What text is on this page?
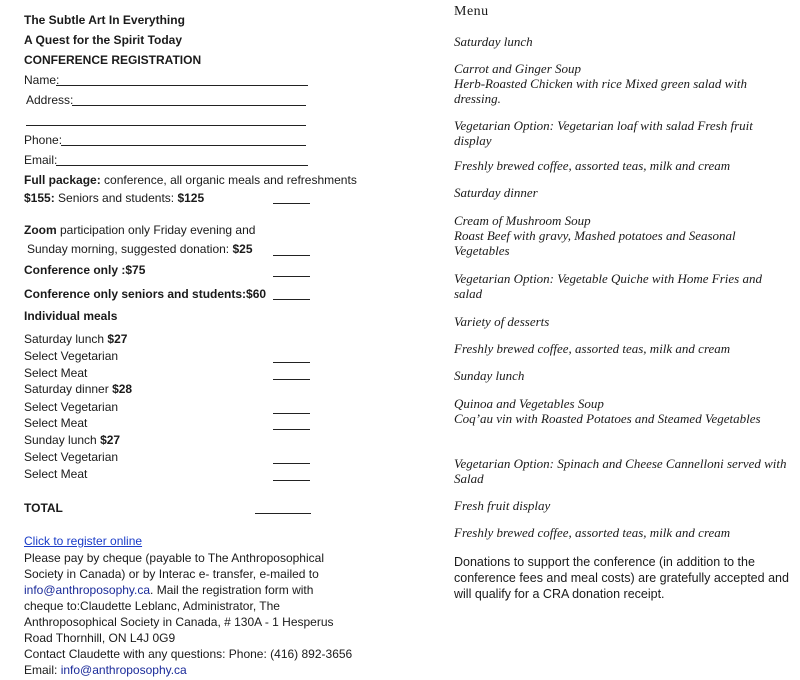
The Subtle Art In Everything
A Quest for the Spirit Today
CONFERENCE REGISTRATION
Name:
Address:
Phone:
Email:
Full package: conference, all organic meals and refreshments
$155: Seniors and students: $125
Zoom participation only Friday evening and
Sunday morning, suggested donation: $25
Conference only :$75
Conference only seniors and students:$60
Individual meals
Saturday lunch $27
Select Vegetarian
Select Meat
Saturday dinner $28
Select Vegetarian
Select Meat
Sunday lunch $27
Select Vegetarian
Select Meat
TOTAL
Click to register online
Please pay by cheque (payable to The Anthroposophical
Society in Canada) or by Interac e- transfer, e-mailed to
info@anthroposophy.ca. Mail the registration form with
cheque to:Claudette Leblanc, Administrator, The
Anthroposophical Society in Canada, # 130A - 1 Hesperus
Road Thornhill, ON L4J 0G9
Contact Claudette with any questions: Phone: (416) 892-3656
Email: info@anthroposophy.ca
Menu
Saturday lunch
Carrot and Ginger Soup
Herb-Roasted Chicken with rice Mixed green salad with dressing.
Vegetarian Option: Vegetarian loaf with salad Fresh fruit display
Freshly brewed coffee, assorted teas, milk and cream
Saturday dinner
Cream of Mushroom Soup
Roast Beef with gravy, Mashed potatoes and Seasonal Vegetables
Vegetarian Option: Vegetable Quiche with Home Fries and salad
Variety of desserts
Freshly brewed coffee, assorted teas, milk and cream
Sunday lunch
Quinoa and Vegetables Soup
Coq’au vin with Roasted Potatoes and Steamed Vegetables
Vegetarian Option: Spinach and Cheese Cannelloni served with Salad
Fresh fruit display
Freshly brewed coffee, assorted teas, milk and cream
Donations to support the conference (in addition to the conference fees and meal costs) are gratefully accepted and will qualify for a CRA donation receipt.
